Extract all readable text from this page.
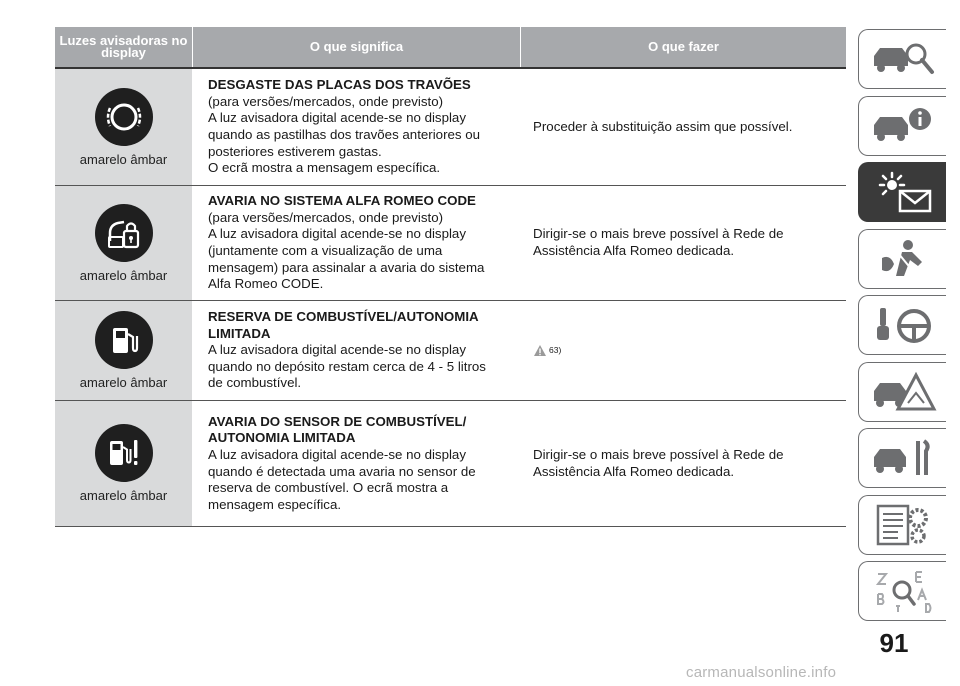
Luzes avisadoras no display	O que significa	O que fazer
amarelo âmbar
DESGASTE DAS PLACAS DOS TRAVÕES
(para versões/mercados, onde previsto)
A luz avisadora digital acende-se no display
quando as pastilhas dos travões anteriores ou
posteriores estiverem gastas.
O ecrã mostra a mensagem específica.
Proceder à substituição assim que possível.
amarelo âmbar
AVARIA NO SISTEMA ALFA ROMEO CODE
(para versões/mercados, onde previsto)
A luz avisadora digital acende-se no display
(juntamente com a visualização de uma
mensagem) para assinalar a avaria do sistema
Alfa Romeo CODE.
Dirigir-se o mais breve possível à Rede de
Assistência Alfa Romeo dedicada.
amarelo âmbar
RESERVA DE COMBUSTÍVEL/AUTONOMIA LIMITADA
A luz avisadora digital acende-se no display
quando no depósito restam cerca de 4 - 5 litros
de combustível.
63)
amarelo âmbar
AVARIA DO SENSOR DE COMBUSTÍVEL/ AUTONOMIA LIMITADA
A luz avisadora digital acende-se no display
quando é detectada uma avaria no sensor de
reserva de combustível. O ecrã mostra a
mensagem específica.
Dirigir-se o mais breve possível à Rede de
Assistência Alfa Romeo dedicada.
91
carmanualsonline.info
